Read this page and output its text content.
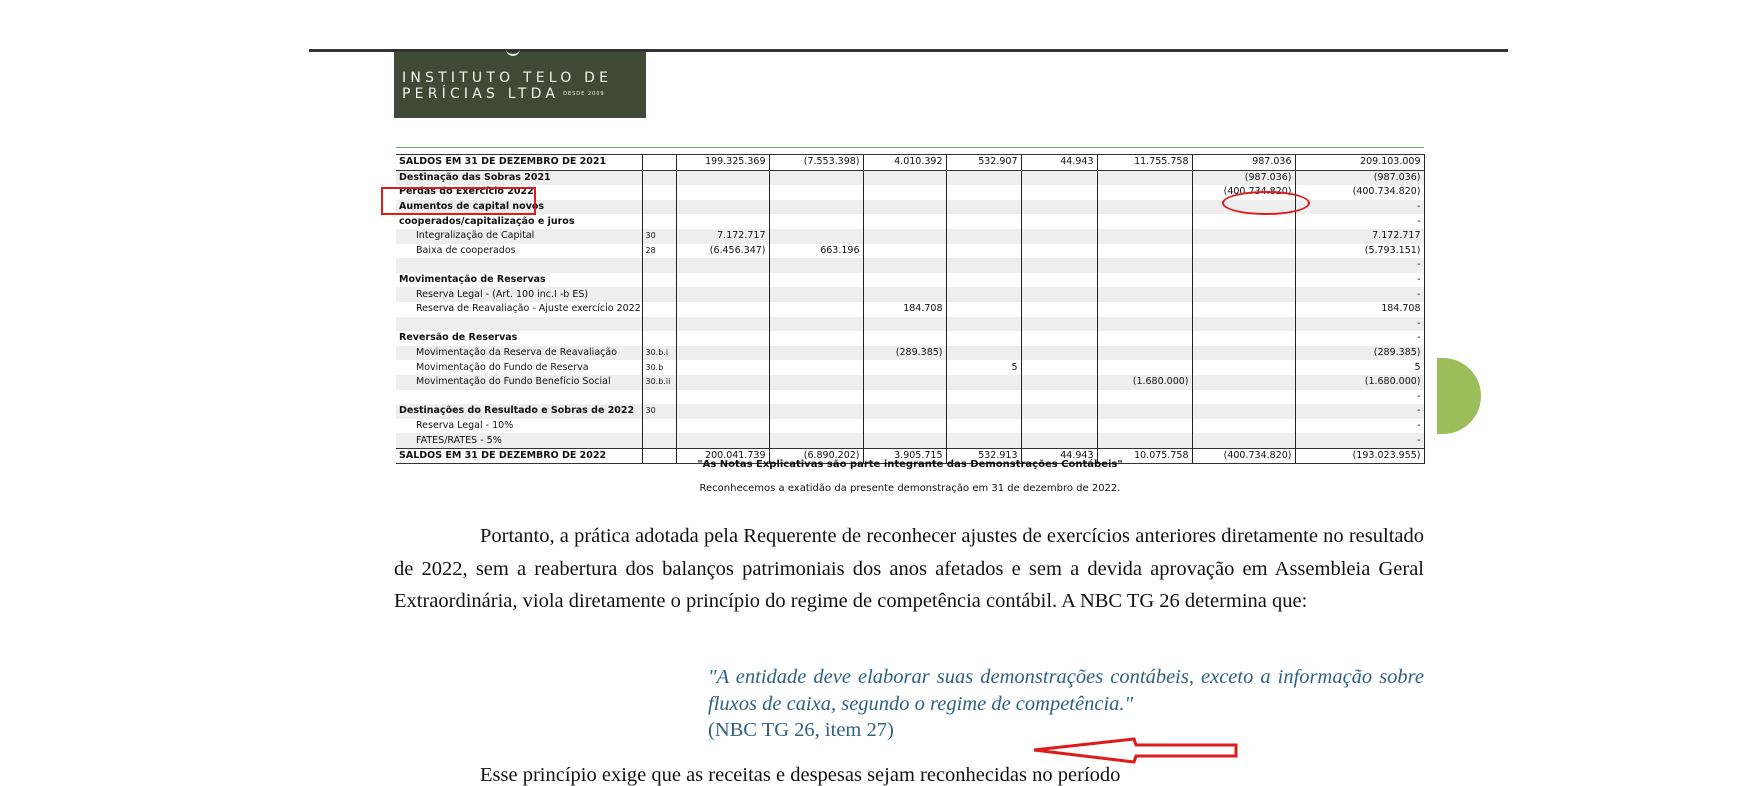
INSTITUTO TELO DE
PERÍCIAS LTDA DESDE 2009
SALDOS EM 31 DE DEZEMBRO DE 2021		199.325.369	(7.553.398)	4.010.392	532.907	44.943	11.755.758	987.036	209.103.009
Destinação das Sobras 2021								(987.036)	(987.036)
Perdas do Exercício 2022								(400.734.820)	(400.734.820)
Aumentos de capital novos									-
cooperados/capitalização e juros									-
Integralização de Capital	30	7.172.717							7.172.717
Baixa de cooperados	28	(6.456.347)	663.196						(5.793.151)
									-
Movimentação de Reservas									-
Reserva Legal - (Art. 100 inc.I -b ES)									-
Reserva de Reavaliação - Ajuste exercício 2022				184.708					184.708
									-
Reversão de Reservas									-
Movimentação da Reserva de Reavaliação	30.b.i			(289.385)					(289.385)
Movimentação do Fundo de Reserva	30.b				5				5
Movimentação do Fundo Benefício Social	30.b.ii						(1.680.000)		(1.680.000)
									-
Destinações do Resultado e Sobras de 2022	30								-
Reserva Legal - 10%									-
FATES/RATES - 5%									-
SALDOS EM 31 DE DEZEMBRO DE 2022		200.041.739	(6.890.202)	3.905.715	532.913	44.943	10.075.758	(400.734.820)	(193.023.955)
"As Notas Explicativas são parte integrante das Demonstrações Contábeis"
Reconhecemos a exatidão da presente demonstração em 31 de dezembro de 2022.
Portanto, a prática adotada pela Requerente de reconhecer ajustes de exercícios anteriores diretamente no resultado de 2022, sem a reabertura dos balanços patrimoniais dos anos afetados e sem a devida aprovação em Assembleia Geral Extraordinária, viola diretamente o princípio do regime de competência contábil. A NBC TG 26 determina que:
"A entidade deve elaborar suas demonstrações contábeis, exceto a informação sobre fluxos de caixa, segundo o regime de competência."
(NBC TG 26, item 27)
Esse princípio exige que as receitas e despesas sejam reconhecidas no período
